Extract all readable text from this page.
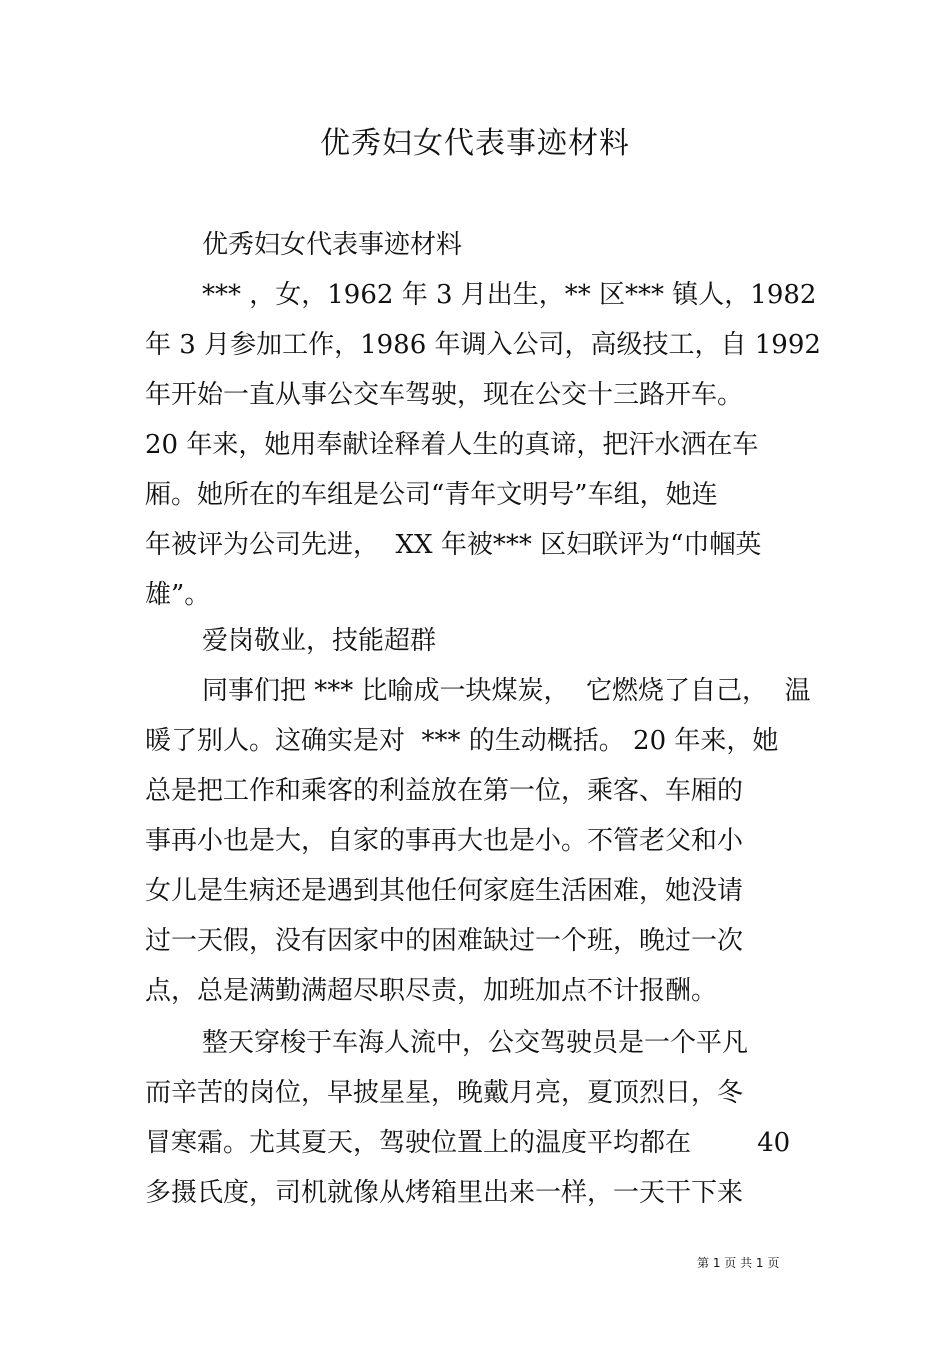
优秀妇女代表事迹材料
优秀妇女代表事迹材料
*** ，女，1962 年 3 月出生，** 区*** 镇人，1982
年 3 月参加工作，1986 年调入公司，高级技工，自 1992
年开始一直从事公交车驾驶，现在公交十三路开车。
20 年来，她用奉献诠释着人生的真谛，把汗水洒在车
厢。她所在的车组是公司“青年文明号”车组，她连
年被评为公司先进，  XX 年被*** 区妇联评为“巾帼英
雄”。
爱岗敬业，技能超群
同事们把 *** 比喻成一块煤炭，  它燃烧了自己，  温
暖了别人。这确实是对  *** 的生动概括。 20 年来，她
总是把工作和乘客的利益放在第一位，乘客、车厢的
事再小也是大，自家的事再大也是小。不管老父和小
女儿是生病还是遇到其他任何家庭生活困难，她没请
过一天假，没有因家中的困难缺过一个班，晚过一次
点，总是满勤满超尽职尽责，加班加点不计报酬。
整天穿梭于车海人流中，公交驾驶员是一个平凡
而辛苦的岗位，早披星星，晚戴月亮，夏顶烈日，冬
冒寒霜。尤其夏天，驾驶位置上的温度平均都在        40
多摄氏度，司机就像从烤箱里出来一样，一天干下来
第 1 页 共 1 页
